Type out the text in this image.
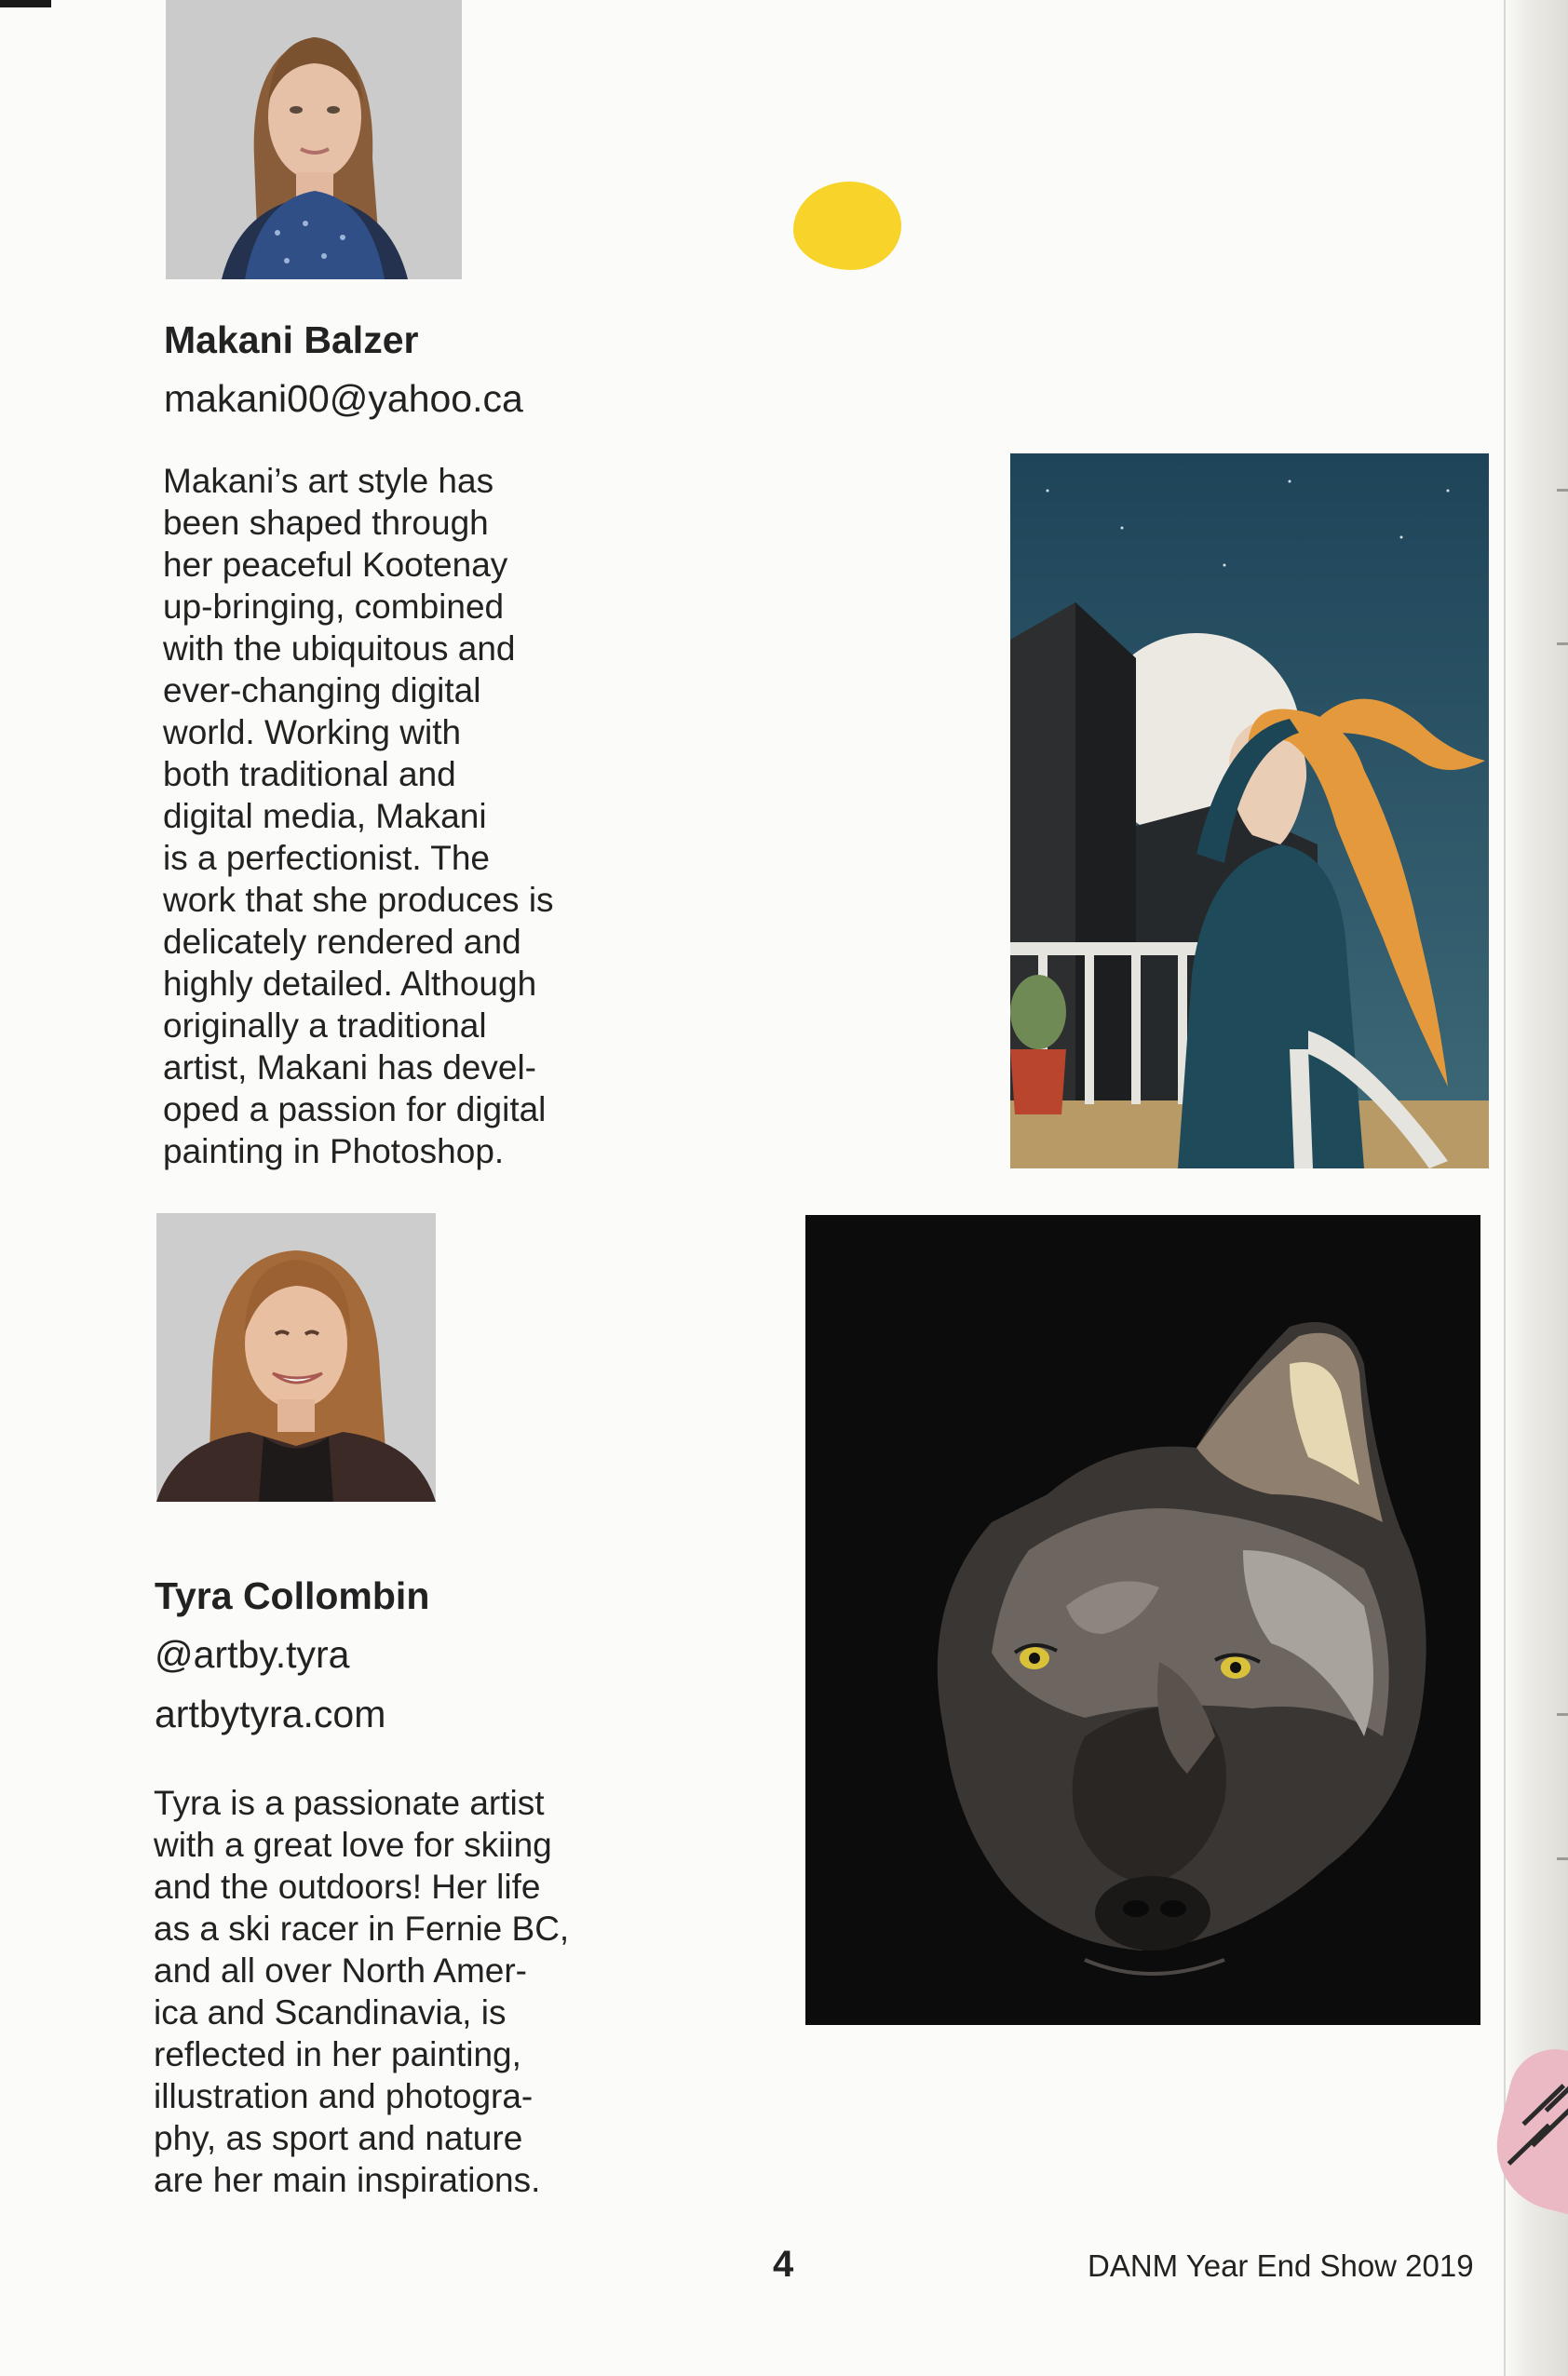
Makani Balzer

makani00@yahoo.ca

Makani’s art style has
been shaped through
her peaceful Kootenay
up-bringing, combined
with the ubiquitous and
ever-changing digital
world. Working with
both traditional and
digital media, Makani
is a perfectionist. The
work that she produces is
delicately rendered and
highly detailed. Although
originally a traditional
artist, Makani has devel-
oped a passion for digital
painting in Photoshop.

Tyra Collombin

@artby.tyra

artbytyra.com

Tyra is a passionate artist
with a great love for skiing
and the outdoors! Her life
as a ski racer in Fernie BC,
and all over North Amer-
ica and Scandinavia, is
reflected in her painting,
illustration and photogra-
phy, as sport and nature
are her main inspirations.

4	DANM Year End Show 2019
